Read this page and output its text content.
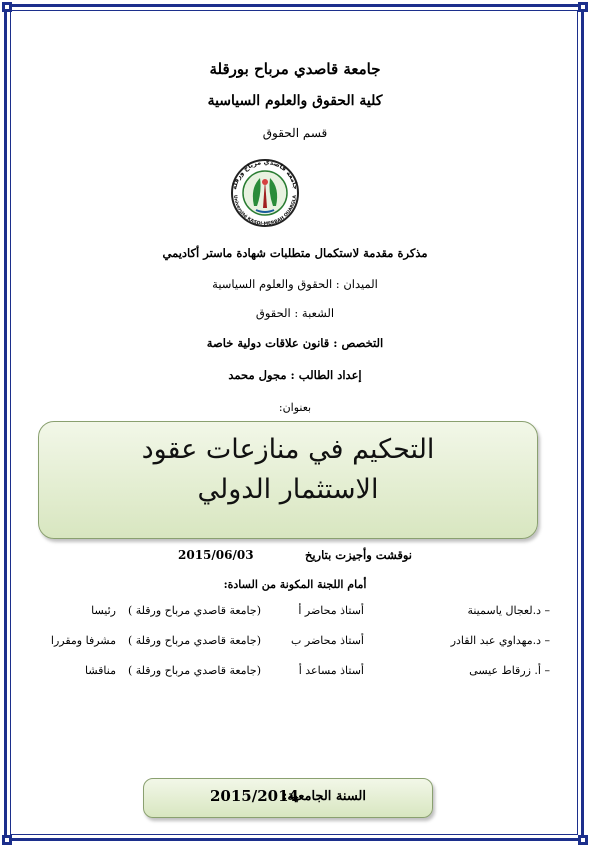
جامعة قاصدي مرباح بورقلة
كلية الحقوق والعلوم السياسية
قسم الحقوق
جامعة قاصدي مرباح ورقلة
Université KASDI-MERBAH OUARGLA
مذكرة مقدمة لاستكمال متطلبات شهادة ماستر أكاديمي
الميدان : الحقوق والعلوم السياسية
الشعبة : الحقوق
التخصص : قانون علاقات دولية خاصة
إعداد الطالب : مجول محمد
بعنوان:
التحكيم في منازعات عقود
الاستثمار الدولي
2015/06/03	نوقشت وأجيزت بتاريخ
أمام اللجنة المكونة من السادة:
– د.لعجال ياسمينة
أستاذ محاضر أ
(جامعة قاصدي مرباح ورقلة )
رئيسا
– د.مهداوي عبد القادر
أستاذ محاضر ب
(جامعة قاصدي مرباح ورقلة )
مشرفا ومقررا
– أ. زرقاط عيسى
أستاذ مساعد أ
(جامعة قاصدي مرباح ورقلة )
مناقشا
السنة الجامعية:
2015/2014
